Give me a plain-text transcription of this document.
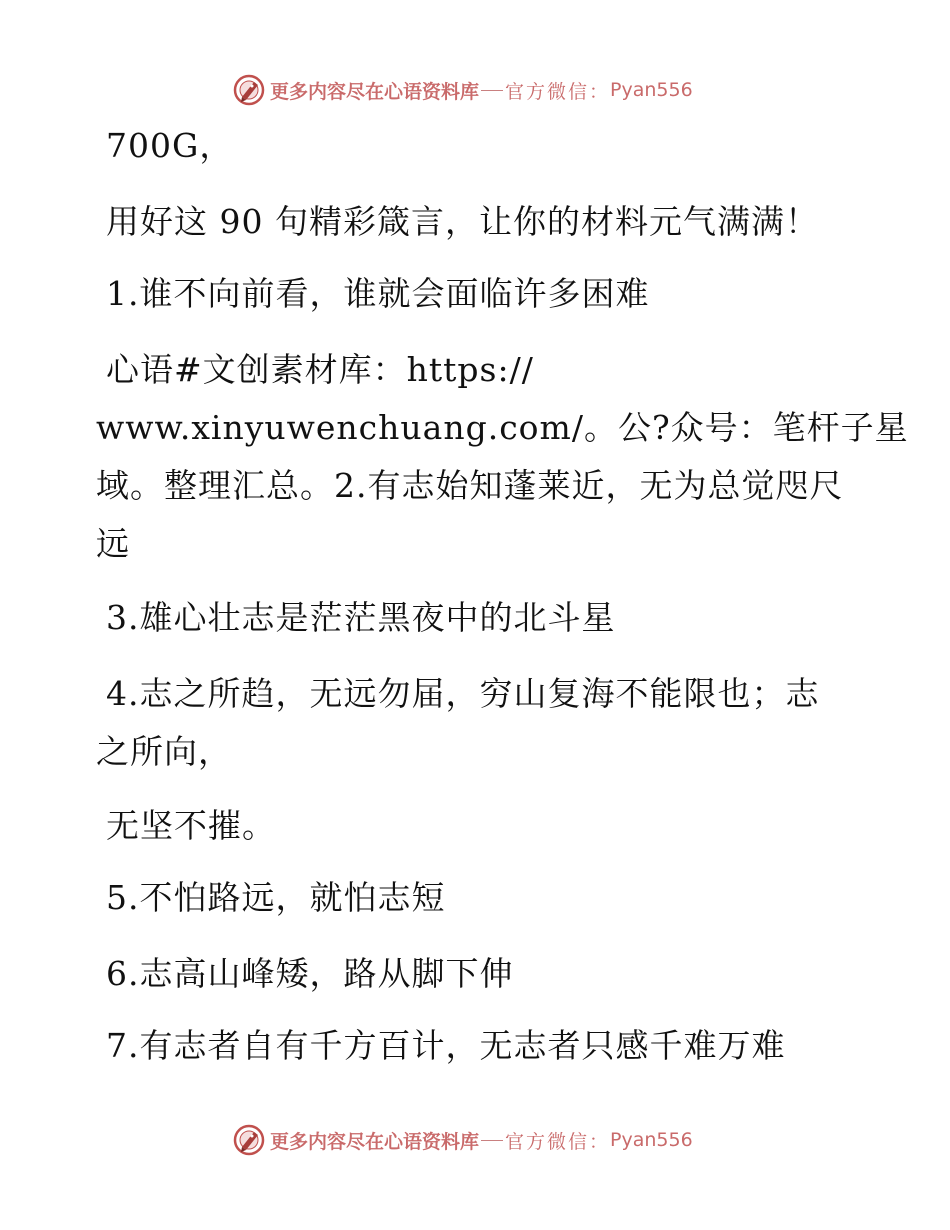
更多内容尽在心语资料库 官方微信： Pyan556
700G，
用好这 90 句精彩箴言，让你的材料元气满满！
1.谁不向前看，谁就会面临许多困难
心语#文创素材库：https://
www.xinyuwenchuang.com/。公?众号：笔杆子星
域。整理汇总。2.有志始知蓬莱近，无为总觉咫尺
远
3.雄心壮志是茫茫黑夜中的北斗星
4.志之所趋，无远勿届，穷山复海不能限也；志
之所向，
无坚不摧。
5.不怕路远，就怕志短
6.志高山峰矮，路从脚下伸
7.有志者自有千方百计，无志者只感千难万难
更多内容尽在心语资料库 官方微信： Pyan556
